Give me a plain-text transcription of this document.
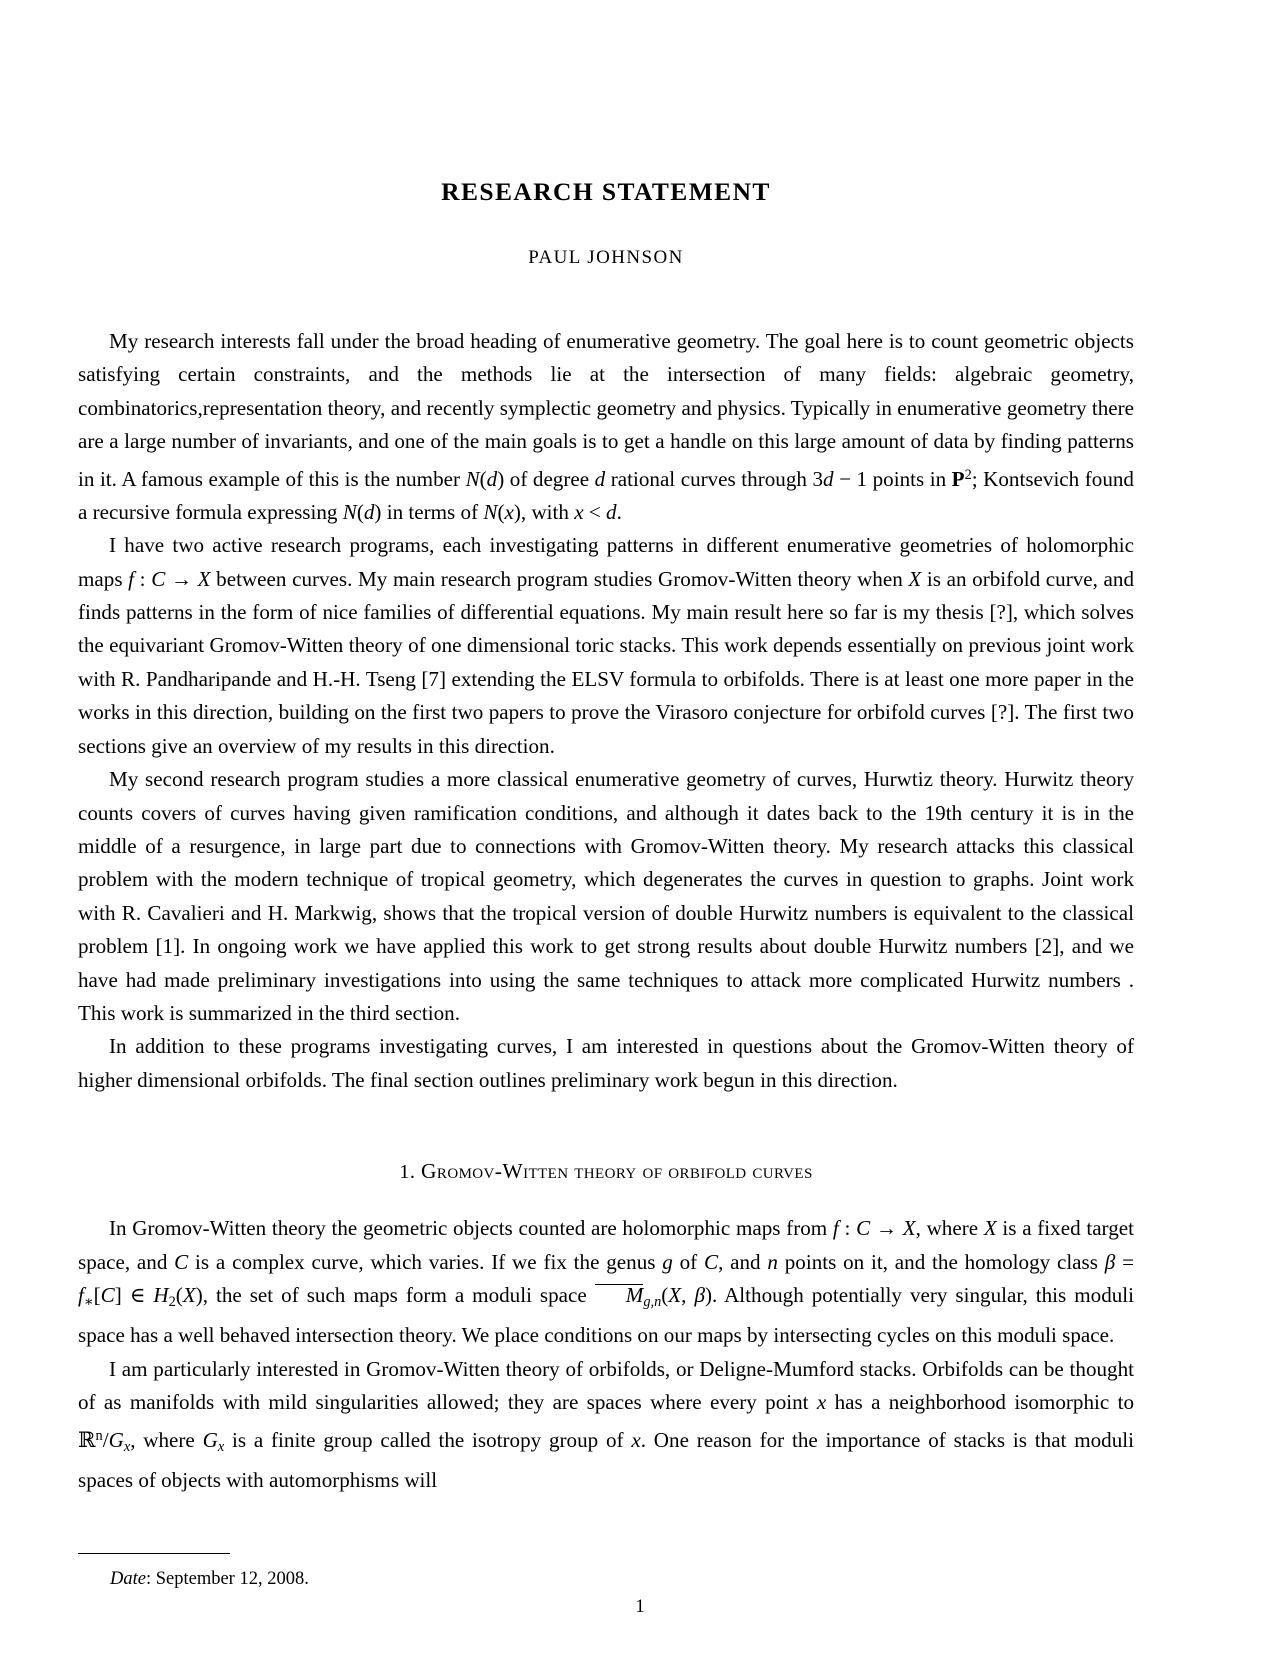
RESEARCH STATEMENT
PAUL JOHNSON

My research interests fall under the broad heading of enumerative geometry. The goal here is to count geometric objects satisfying certain constraints, and the methods lie at the intersection of many fields: algebraic geometry, combinatorics,representation theory, and recently symplectic geometry and physics. Typically in enumerative geometry there are a large number of invariants, and one of the main goals is to get a handle on this large amount of data by finding patterns in it. A famous example of this is the number N(d) of degree d rational curves through 3d − 1 points in $P^2$; Kontsevich found a recursive formula expressing N(d) in terms of N(x), with x < d.

I have two active research programs, each investigating patterns in different enumerative geometries of holomorphic maps f : C → X between curves. My main research program studies Gromov-Witten theory when X is an orbifold curve, and finds patterns in the form of nice families of differential equations. My main result here so far is my thesis [?], which solves the equivariant Gromov-Witten theory of one dimensional toric stacks. This work depends essentially on previous joint work with R. Pandharipande and H.-H. Tseng [7] extending the ELSV formula to orbifolds. There is at least one more paper in the works in this direction, building on the first two papers to prove the Virasoro conjecture for orbifold curves [?]. The first two sections give an overview of my results in this direction.

My second research program studies a more classical enumerative geometry of curves, Hurwtiz theory. Hurwitz theory counts covers of curves having given ramification conditions, and although it dates back to the 19th century it is in the middle of a resurgence, in large part due to connections with Gromov-Witten theory. My research attacks this classical problem with the modern technique of tropical geometry, which degenerates the curves in question to graphs. Joint work with R. Cavalieri and H. Markwig, shows that the tropical version of double Hurwitz numbers is equivalent to the classical problem [1]. In ongoing work we have applied this work to get strong results about double Hurwitz numbers [2], and we have had made preliminary investigations into using the same techniques to attack more complicated Hurwitz numbers . This work is summarized in the third section.

In addition to these programs investigating curves, I am interested in questions about the Gromov-Witten theory of higher dimensional orbifolds. The final section outlines preliminary work begun in this direction.

1. Gromov-Witten theory of orbifold curves

In Gromov-Witten theory the geometric objects counted are holomorphic maps from f : C → X, where X is a fixed target space, and C is a complex curve, which varies. If we fix the genus g of C, and n points on it, and the homology class $\beta = f_∗[C]$ ∈ $H_2(X)$, the set of such maps form a moduli space $M_{g,n}(X$, β). Although potentially very singular, this moduli space has a well behaved intersection theory. We place conditions on our maps by intersecting cycles on this moduli space.

I am particularly interested in Gromov-Witten theory of orbifolds, or Deligne-Mumford stacks. Orbifolds can be thought of as manifolds with mild singularities allowed; they are spaces where every point x has a neighborhood isomorphic to $ℝ^n/G_x$, where $G_x$ is a finite group called the isotropy group of x. One reason for the importance of stacks is that moduli spaces of objects with automorphisms will

Date: September 12, 2008.
1
